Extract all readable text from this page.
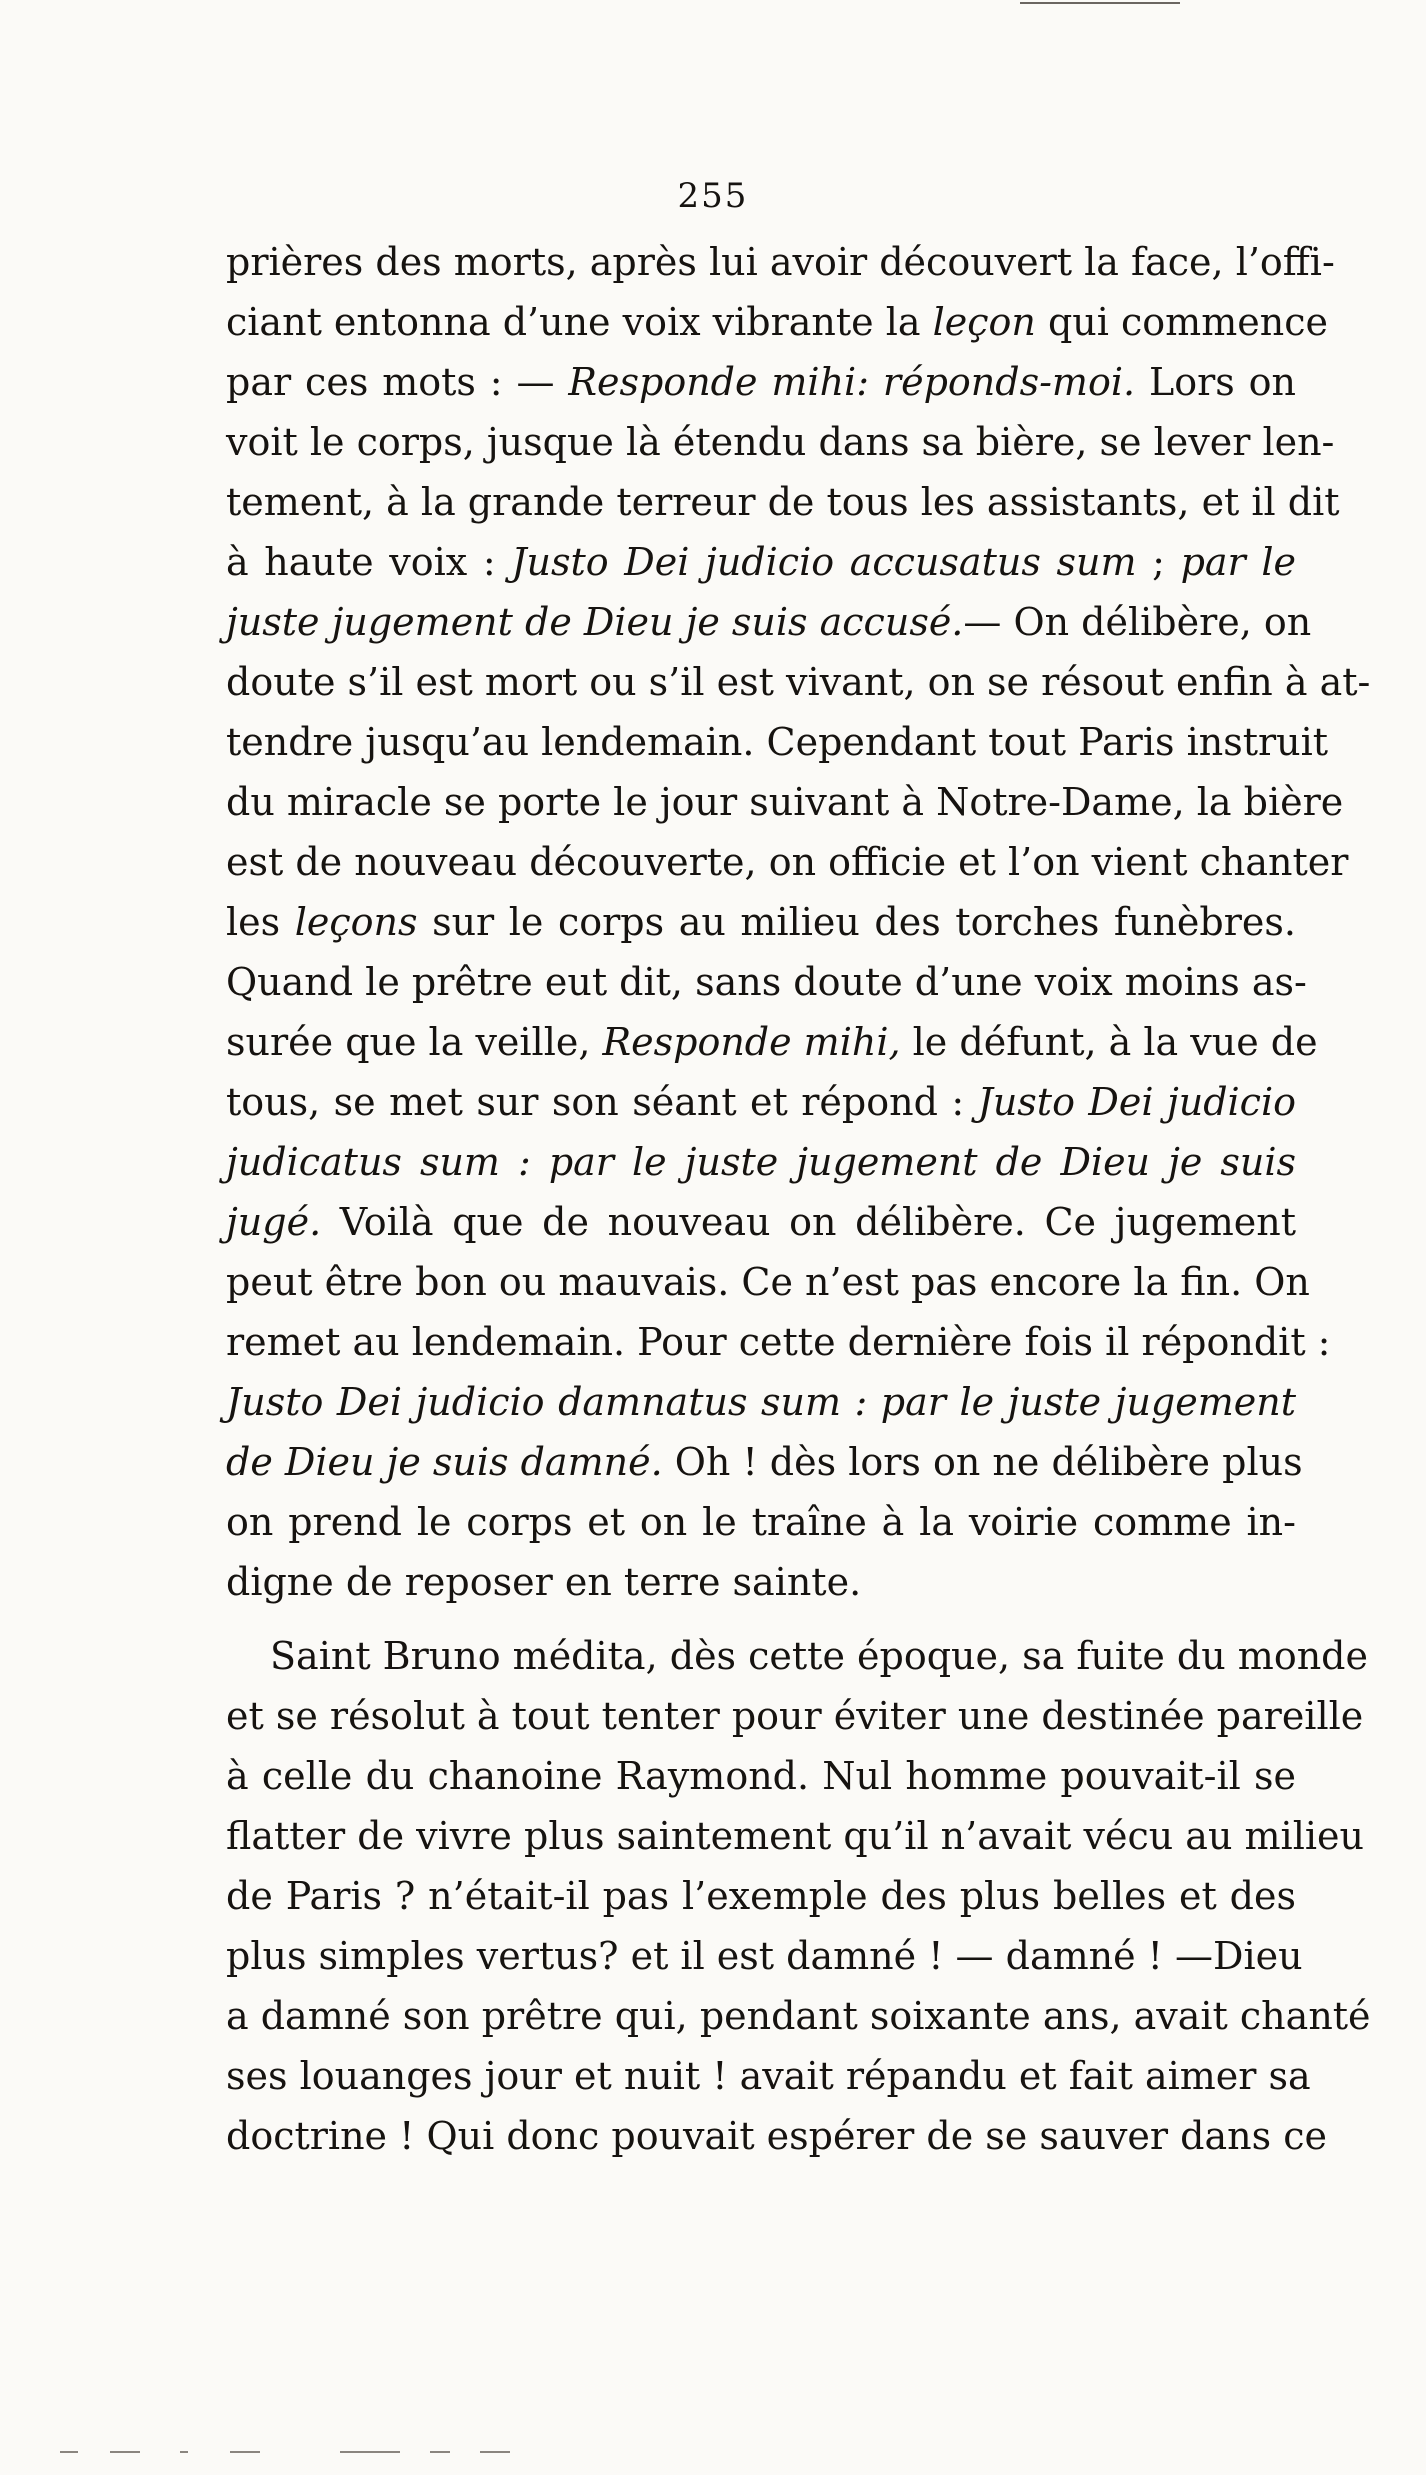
255
prières des morts, après lui avoir découvert la face, l’offi-
ciant entonna d’une voix vibrante la leçon qui commence
par ces mots : — Responde mihi: réponds-moi. Lors on
voit le corps, jusque là étendu dans sa bière, se lever len-
tement, à la grande terreur de tous les assistants, et il dit
à haute voix : Justo Dei judicio accusatus sum ; par le
juste jugement de Dieu je suis accusé.— On délibère, on
doute s’il est mort ou s’il est vivant, on se résout enfin à at-
tendre jusqu’au lendemain. Cependant tout Paris instruit
du miracle se porte le jour suivant à Notre-Dame, la bière
est de nouveau découverte, on officie et l’on vient chanter
les leçons sur le corps au milieu des torches funèbres.
Quand le prêtre eut dit, sans doute d’une voix moins as-
surée que la veille, Responde mihi, le défunt, à la vue de
tous, se met sur son séant et répond : Justo Dei judicio
judicatus sum : par le juste jugement de Dieu je suis
jugé. Voilà que de nouveau on délibère. Ce jugement
peut être bon ou mauvais. Ce n’est pas encore la fin. On
remet au lendemain. Pour cette dernière fois il répondit :
Justo Dei judicio damnatus sum : par le juste jugement
de Dieu je suis damné. Oh ! dès lors on ne délibère plus
on prend le corps et on le traîne à la voirie comme in-
digne de reposer en terre sainte.
Saint Bruno médita, dès cette époque, sa fuite du monde
et se résolut à tout tenter pour éviter une destinée pareille
à celle du chanoine Raymond. Nul homme pouvait-il se
flatter de vivre plus saintement qu’il n’avait vécu au milieu
de Paris ? n’était-il pas l’exemple des plus belles et des
plus simples vertus? et il est damné ! — damné ! —Dieu
a damné son prêtre qui, pendant soixante ans, avait chanté
ses louanges jour et nuit ! avait répandu et fait aimer sa
doctrine ! Qui donc pouvait espérer de se sauver dans ce
